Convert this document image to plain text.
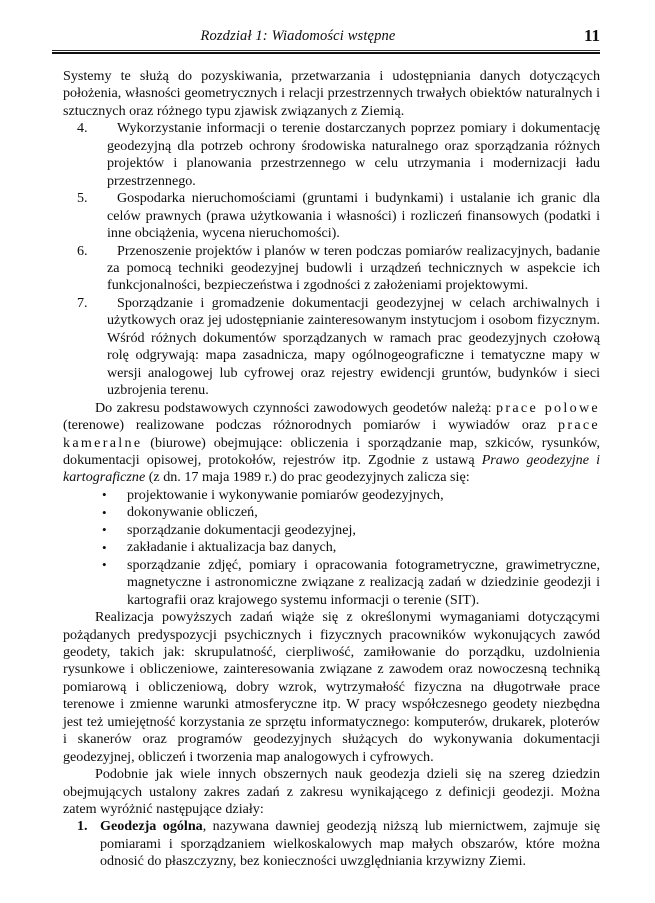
Rozdział 1: Wiadomości wstępne	11

Systemy te służą do pozyskiwania, przetwarzania i udostępniania danych dotyczących położenia, własności geometrycznych i relacji przestrzennych trwałych obiektów naturalnych i sztucznych oraz różnego typu zjawisk związanych z Ziemią.

4.	Wykorzystanie informacji o terenie dostarczanych poprzez pomiary i dokumentację geodezyjną dla potrzeb ochrony środowiska naturalnego oraz sporządzania różnych projektów i planowania przestrzennego w celu utrzymania i modernizacji ładu przestrzennego.
5.	Gospodarka nieruchomościami (gruntami i budynkami) i ustalanie ich granic dla celów prawnych (prawa użytkowania i własności) i rozliczeń finansowych (podatki i inne obciążenia, wycena nieruchomości).
6.	Przenoszenie projektów i planów w teren podczas pomiarów realizacyjnych, badanie za pomocą techniki geodezyjnej budowli i urządzeń technicznych w aspekcie ich funkcjonalności, bezpieczeństwa i zgodności z założeniami projektowymi.
7.	Sporządzanie i gromadzenie dokumentacji geodezyjnej w celach archiwalnych i użytkowych oraz jej udostępnianie zainteresowanym instytucjom i osobom fizycznym. Wśród różnych dokumentów sporządzanych w ramach prac geodezyjnych czołową rolę odgrywają: mapa zasadnicza, mapy ogólnogeograficzne i tematyczne mapy w wersji analogowej lub cyfrowej oraz rejestry ewidencji gruntów, budynków i sieci uzbrojenia terenu.

Do zakresu podstawowych czynności zawodowych geodetów należą: prace polowe (terenowe) realizowane podczas różnorodnych pomiarów i wywiadów oraz prace kameralne (biurowe) obejmujące: obliczenia i sporządzanie map, szkiców, rysunków, dokumentacji opisowej, protokołów, rejestrów itp. Zgodnie z ustawą Prawo geodezyjne i kartograficzne (z dn. 17 maja 1989 r.) do prac geodezyjnych zalicza się:

• projektowanie i wykonywanie pomiarów geodezyjnych,
• dokonywanie obliczeń,
• sporządzanie dokumentacji geodezyjnej,
• zakładanie i aktualizacja baz danych,
• sporządzanie zdjęć, pomiary i opracowania fotogrametryczne, grawimetryczne, magnetyczne i astronomiczne związane z realizacją zadań w dziedzinie geodezji i kartografii oraz krajowego systemu informacji o terenie (SIT).

Realizacja powyższych zadań wiąże się z określonymi wymaganiami dotyczącymi pożądanych predyspozycji psychicznych i fizycznych pracowników wykonujących zawód geodety, takich jak: skrupulatność, cierpliwość, zamiłowanie do porządku, uzdolnienia rysunkowe i obliczeniowe, zainteresowania związane z zawodem oraz nowoczesną techniką pomiarową i obliczeniową, dobry wzrok, wytrzymałość fizyczna na długotrwałe prace terenowe i zmienne warunki atmosferyczne itp. W pracy współczesnego geodety niezbędna jest też umiejętność korzystania ze sprzętu informatycznego: komputerów, drukarek, ploterów i skanerów oraz programów geodezyjnych służących do wykonywania dokumentacji geodezyjnej, obliczeń i tworzenia map analogowych i cyfrowych.

Podobnie jak wiele innych obszernych nauk geodezja dzieli się na szereg dziedzin obejmujących ustalony zakres zadań z zakresu wynikającego z definicji geodezji. Można zatem wyróżnić następujące działy:

1. Geodezja ogólna, nazywana dawniej geodezją niższą lub miernictwem, zajmuje się pomiarami i sporządzaniem wielkoskalowych map małych obszarów, które można odnosić do płaszczyzny, bez konieczności uwzględniania krzywizny Ziemi.
